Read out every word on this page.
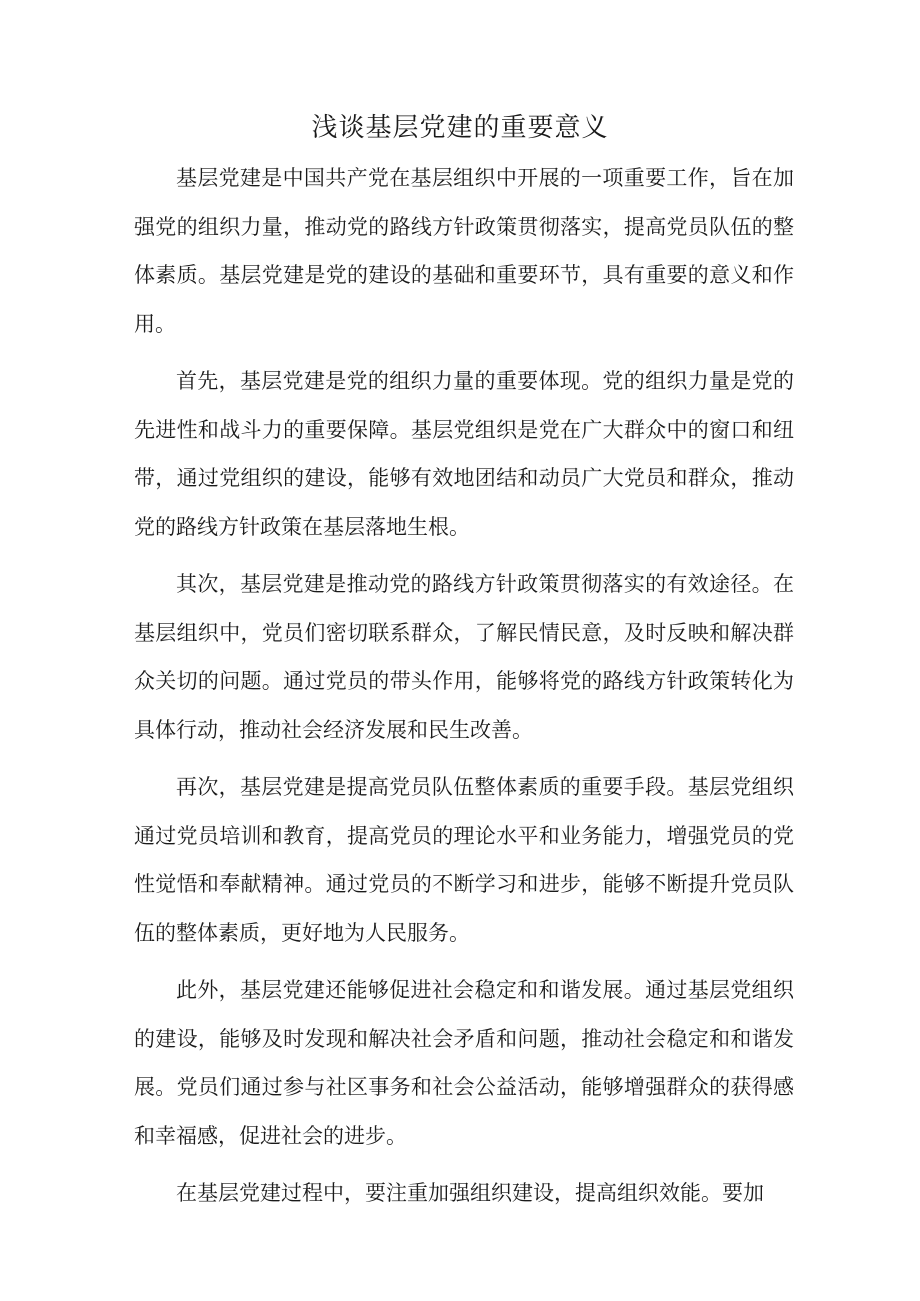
浅谈基层党建的重要意义

基层党建是中国共产党在基层组织中开展的一项重要工作，旨在加强党的组织力量，推动党的路线方针政策贯彻落实，提高党员队伍的整体素质。基层党建是党的建设的基础和重要环节，具有重要的意义和作用。

首先，基层党建是党的组织力量的重要体现。党的组织力量是党的先进性和战斗力的重要保障。基层党组织是党在广大群众中的窗口和纽带，通过党组织的建设，能够有效地团结和动员广大党员和群众，推动党的路线方针政策在基层落地生根。

其次，基层党建是推动党的路线方针政策贯彻落实的有效途径。在基层组织中，党员们密切联系群众，了解民情民意，及时反映和解决群众关切的问题。通过党员的带头作用，能够将党的路线方针政策转化为具体行动，推动社会经济发展和民生改善。

再次，基层党建是提高党员队伍整体素质的重要手段。基层党组织通过党员培训和教育，提高党员的理论水平和业务能力，增强党员的党性觉悟和奉献精神。通过党员的不断学习和进步，能够不断提升党员队伍的整体素质，更好地为人民服务。

此外，基层党建还能够促进社会稳定和和谐发展。通过基层党组织的建设，能够及时发现和解决社会矛盾和问题，推动社会稳定和和谐发展。党员们通过参与社区事务和社会公益活动，能够增强群众的获得感和幸福感，促进社会的进步。

在基层党建过程中，要注重加强组织建设，提高组织效能。要加
